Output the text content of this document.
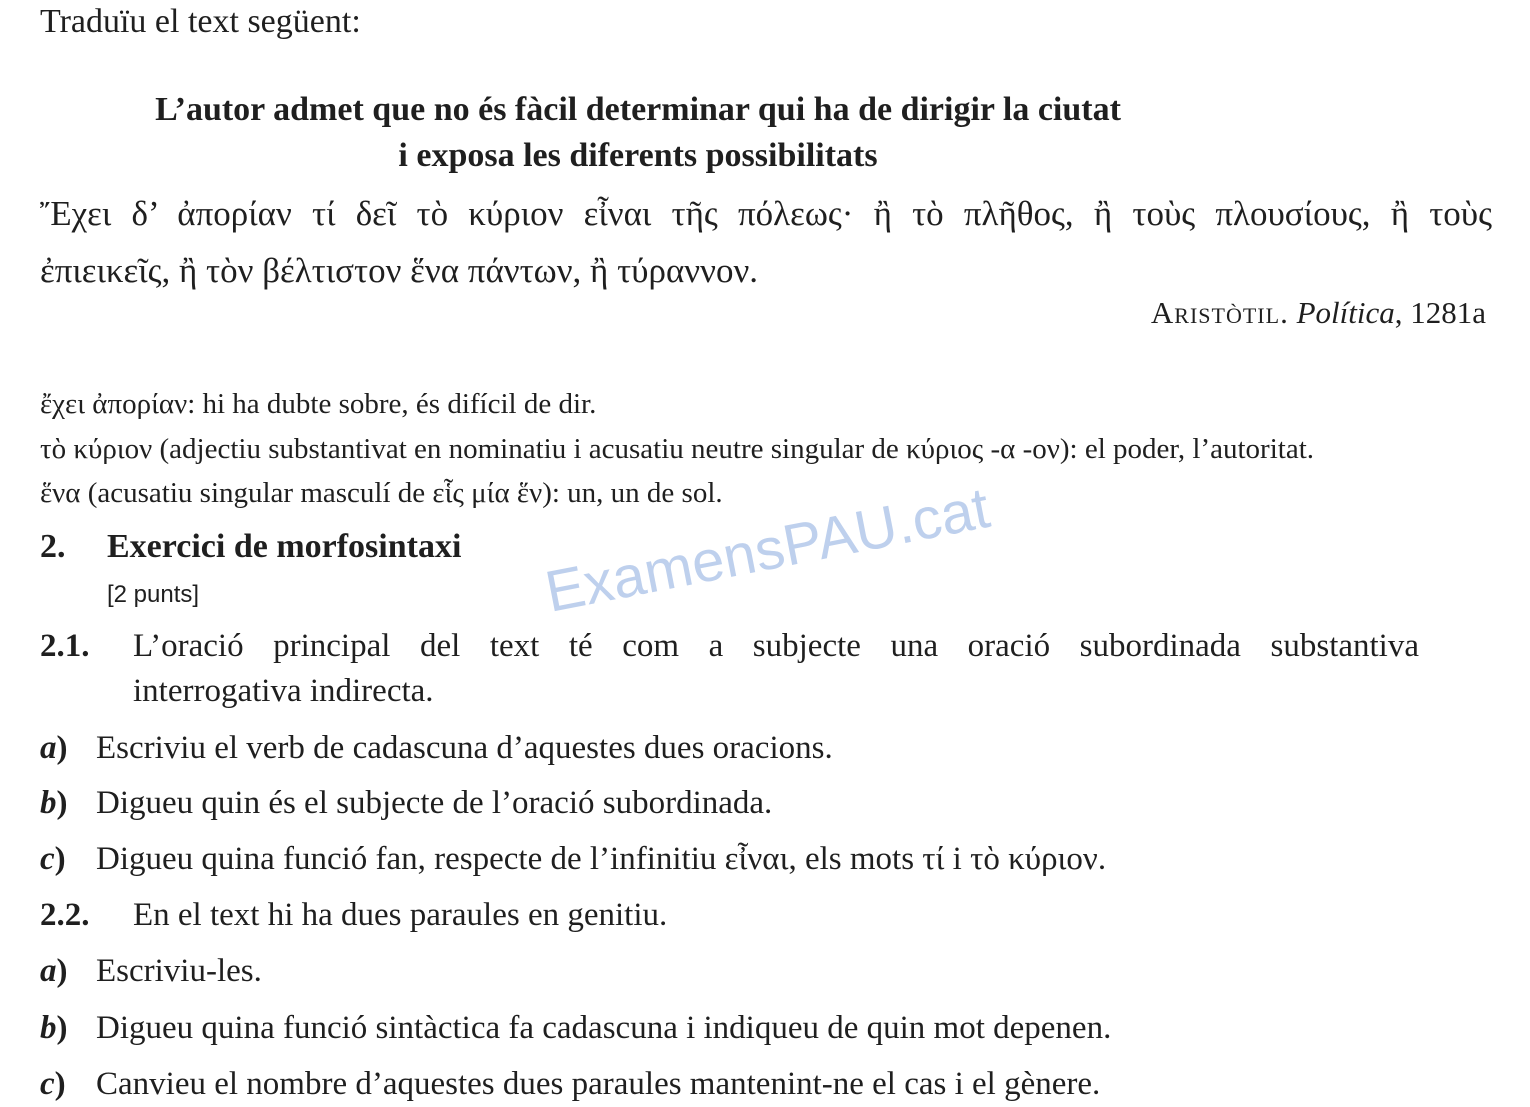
Traduïu el text següent:
L’autor admet que no és fàcil determinar qui ha de dirigir la ciutat
i exposa les diferents possibilitats
Ἔχει δ’ ἀπορίαν τί δεῖ τὸ κύριον εἶναι τῆς πόλεως· ἢ τὸ πλῆθος, ἢ τοὺς πλουσίους, ἢ τοὺς
ἐπιεικεῖς, ἢ τὸν βέλτιστον ἕνα πάντων, ἢ τύραννον.
Aristòtil. Política, 1281a
ἔχει ἀπορίαν: hi ha dubte sobre, és difícil de dir.
τὸ κύριον (adjectiu substantivat en nominatiu i acusatiu neutre singular de κύριος -α -ον): el poder, l’autoritat.
ἕνα (acusatiu singular masculí de εἷς μία ἕν): un, un de sol.
2. Exercici de morfosintaxi
[2 punts]
2.1. L’oració principal del text té com a subjecte una oració subordinada substantiva
interrogativa indirecta.
a) Escriviu el verb de cadascuna d’aquestes dues oracions.
b) Digueu quin és el subjecte de l’oració subordinada.
c) Digueu quina funció fan, respecte de l’infinitiu εἶναι, els mots τί i τὸ κύριον.
2.2. En el text hi ha dues paraules en genitiu.
a) Escriviu-les.
b) Digueu quina funció sintàctica fa cadascuna i indiqueu de quin mot depenen.
c) Canvieu el nombre d’aquestes dues paraules mantenint-ne el cas i el gènere.
ExamensPAU.cat
